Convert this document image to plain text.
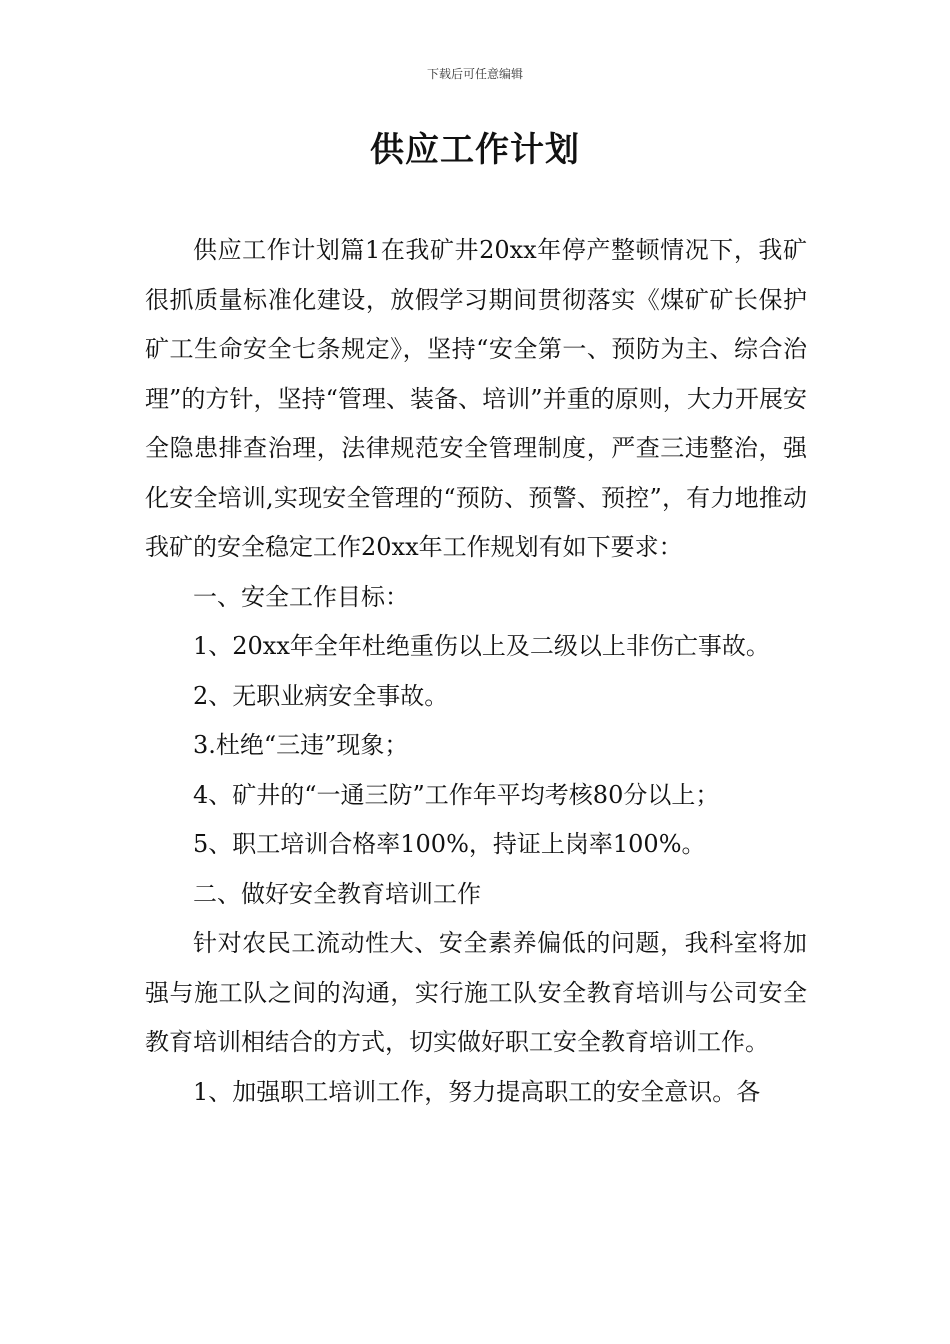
下载后可任意编辑
供应工作计划

供应工作计划篇1在我矿井20xx年停产整顿情况下，我矿很抓质量标准化建设，放假学习期间贯彻落实《煤矿矿长保护矿工生命安全七条规定》，坚持“安全第一、预防为主、综合治理”的方针，坚持“管理、装备、培训”并重的原则，大力开展安全隐患排查治理，法律规范安全管理制度，严查三违整治，强化安全培训,实现安全管理的“预防、预警、预控”，有力地推动我矿的安全稳定工作20xx年工作规划有如下要求：

一、安全工作目标：

1、20xx年全年杜绝重伤以上及二级以上非伤亡事故。

2、无职业病安全事故。

3.杜绝“三违”现象；

4、矿井的“一通三防”工作年平均考核80分以上；

5、职工培训合格率100%，持证上岗率100%。

二、做好安全教育培训工作

针对农民工流动性大、安全素养偏低的问题，我科室将加强与施工队之间的沟通，实行施工队安全教育培训与公司安全教育培训相结合的方式，切实做好职工安全教育培训工作。

1、加强职工培训工作，努力提高职工的安全意识。各
